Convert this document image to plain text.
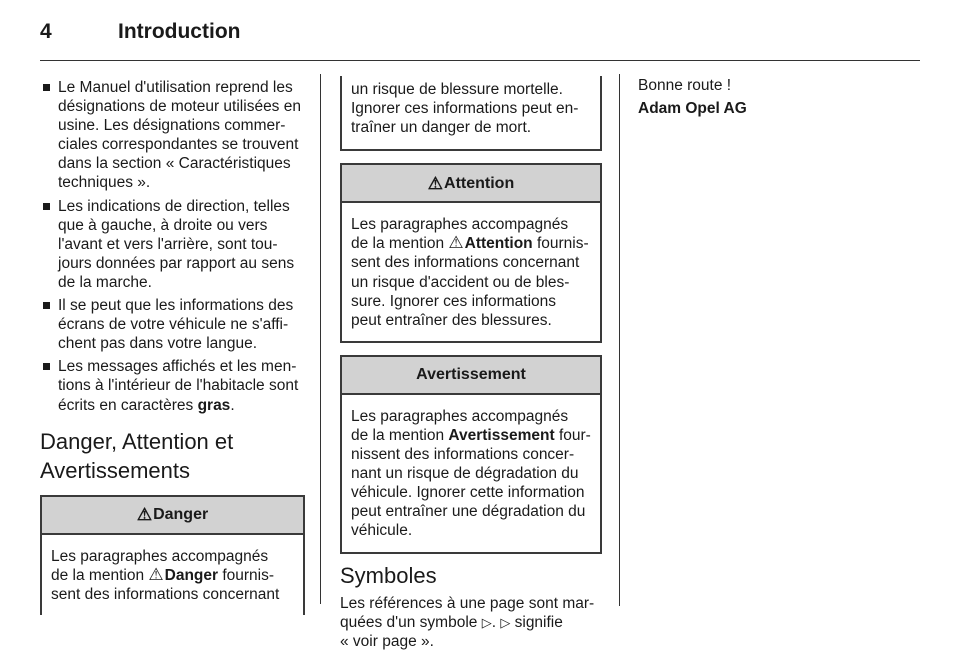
4	Introduction
Le Manuel d'utilisation reprend les
désignations de moteur utilisées en
usine. Les désignations commer-
ciales correspondantes se trouvent
dans la section « Caractéristiques
techniques ».
Les indications de direction, telles
que à gauche, à droite ou vers
l'avant et vers l'arrière, sont tou-
jours données par rapport au sens
de la marche.
Il se peut que les informations des
écrans de votre véhicule ne s'affi-
chent pas dans votre langue.
Les messages affichés et les men-
tions à l'intérieur de l'habitacle sont
écrits en caractères gras.
Danger, Attention et
Avertissements
⚠ Danger
Les paragraphes accompagnés
de la mention ⚠Danger fournis-
sent des informations concernant
un risque de blessure mortelle.
Ignorer ces informations peut en-
traîner un danger de mort.
⚠ Attention
Les paragraphes accompagnés
de la mention ⚠Attention fournis-
sent des informations concernant
un risque d'accident ou de bles-
sure. Ignorer ces informations
peut entraîner des blessures.
Avertissement
Les paragraphes accompagnés
de la mention Avertissement four-
nissent des informations concer-
nant un risque de dégradation du
véhicule. Ignorer cette information
peut entraîner une dégradation du
véhicule.
Symboles
Les références à une page sont mar-
quées d'un symbole ▷. ▷ signifie
« voir page ».
Bonne route !
Adam Opel AG
